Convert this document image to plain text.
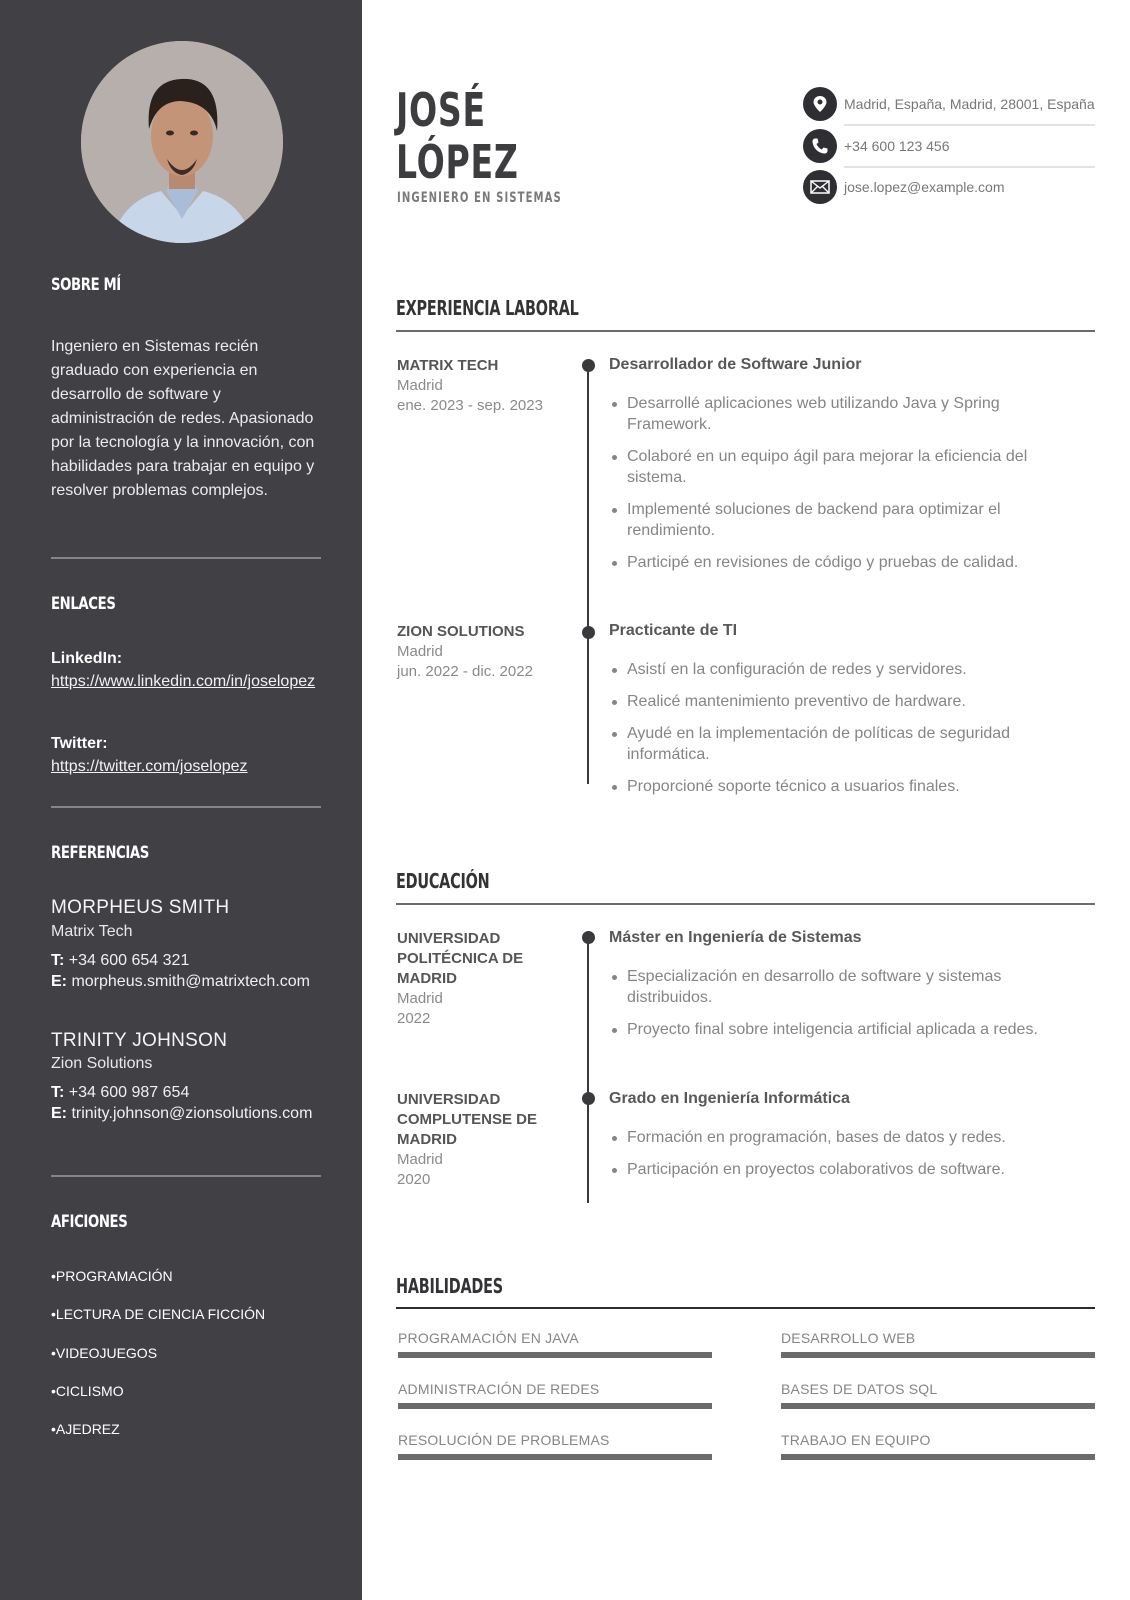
SOBRE MÍ

Ingeniero en Sistemas recién graduado con experiencia en desarrollo de software y administración de redes. Apasionado por la tecnología y la innovación, con habilidades para trabajar en equipo y resolver problemas complejos.

ENLACES
LinkedIn:
https://www.linkedin.com/in/joselopez
Twitter:
https://twitter.com/joselopez
REFERENCIAS
MORPHEUS SMITH
Matrix Tech
T: +34 600 654 321
E: morpheus.smith@matrixtech.com
TRINITY JOHNSON
Zion Solutions
T: +34 600 987 654
E: trinity.johnson@zionsolutions.com
AFICIONES
• PROGRAMACIÓN
• LECTURA DE CIENCIA FICCIÓN
• VIDEOJUEGOS
• CICLISMO
• AJEDREZ
JOSÉ
LÓPEZ
INGENIERO EN SISTEMAS
Madrid, España, Madrid, 28001, España
+34 600 123 456
jose.lopez@example.com
EXPERIENCIA LABORAL
MATRIX TECH
Madrid
ene. 2023 - sep. 2023
Desarrollador de Software Junior
Desarrollé aplicaciones web utilizando Java y Spring Framework.
Colaboré en un equipo ágil para mejorar la eficiencia del sistema.
Implementé soluciones de backend para optimizar el rendimiento.
Participé en revisiones de código y pruebas de calidad.
ZION SOLUTIONS
Madrid
jun. 2022 - dic. 2022
Practicante de TI
Asistí en la configuración de redes y servidores.
Realicé mantenimiento preventivo de hardware.
Ayudé en la implementación de políticas de seguridad informática.
Proporcioné soporte técnico a usuarios finales.
EDUCACIÓN
UNIVERSIDAD POLITÉCNICA DE MADRID
Madrid
2022
Máster en Ingeniería de Sistemas
Especialización en desarrollo de software y sistemas distribuidos.
Proyecto final sobre inteligencia artificial aplicada a redes.
UNIVERSIDAD COMPLUTENSE DE MADRID
Madrid
2020
Grado en Ingeniería Informática
Formación en programación, bases de datos y redes.
Participación en proyectos colaborativos de software.
HABILIDADES
PROGRAMACIÓN EN JAVA	DESARROLLO WEB
ADMINISTRACIÓN DE REDES	BASES DE DATOS SQL
RESOLUCIÓN DE PROBLEMAS	TRABAJO EN EQUIPO
